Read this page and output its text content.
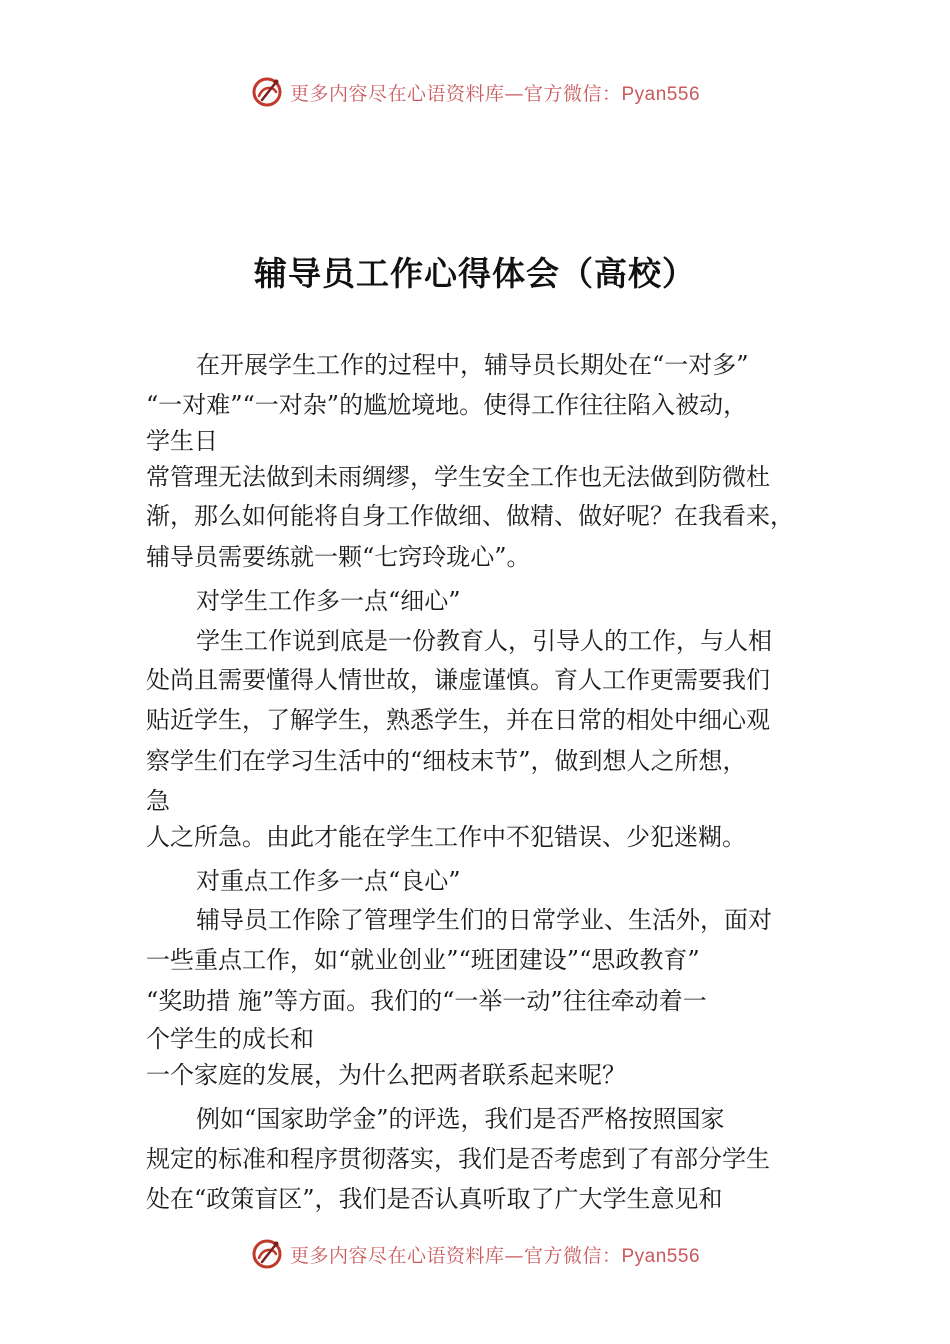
更多内容尽在心语资料库—官方微信：Pyan556
辅导员工作心得体会（高校）
在开展学生工作的过程中，辅导员长期处在“一对多”
“一对难”“一对杂”的尴尬境地。使得工作往往陷入被动，
学生日
常管理无法做到未雨绸缪，学生安全工作也无法做到防微杜
渐，那么如何能将自身工作做细、做精、做好呢？在我看来，
辅导员需要练就一颗“七窍玲珑心”。
对学生工作多一点“细心”
学生工作说到底是一份教育人，引导人的工作，与人相
处尚且需要懂得人情世故，谦虚谨慎。育人工作更需要我们
贴近学生，了解学生，熟悉学生，并在日常的相处中细心观
察学生们在学习生活中的“细枝末节”，做到想人之所想，
急
人之所急。由此才能在学生工作中不犯错误、少犯迷糊。
对重点工作多一点“良心”
辅导员工作除了管理学生们的日常学业、生活外，面对
一些重点工作，如“就业创业”“班团建设”“思政教育”
“奖助措 施”等方面。我们的“一举一动”往往牵动着一
个学生的成长和
一个家庭的发展，为什么把两者联系起来呢？
例如“国家助学金”的评选，我们是否严格按照国家
规定的标准和程序贯彻落实，我们是否考虑到了有部分学生
处在“政策盲区”，我们是否认真听取了广大学生意见和
更多内容尽在心语资料库—官方微信：Pyan556
